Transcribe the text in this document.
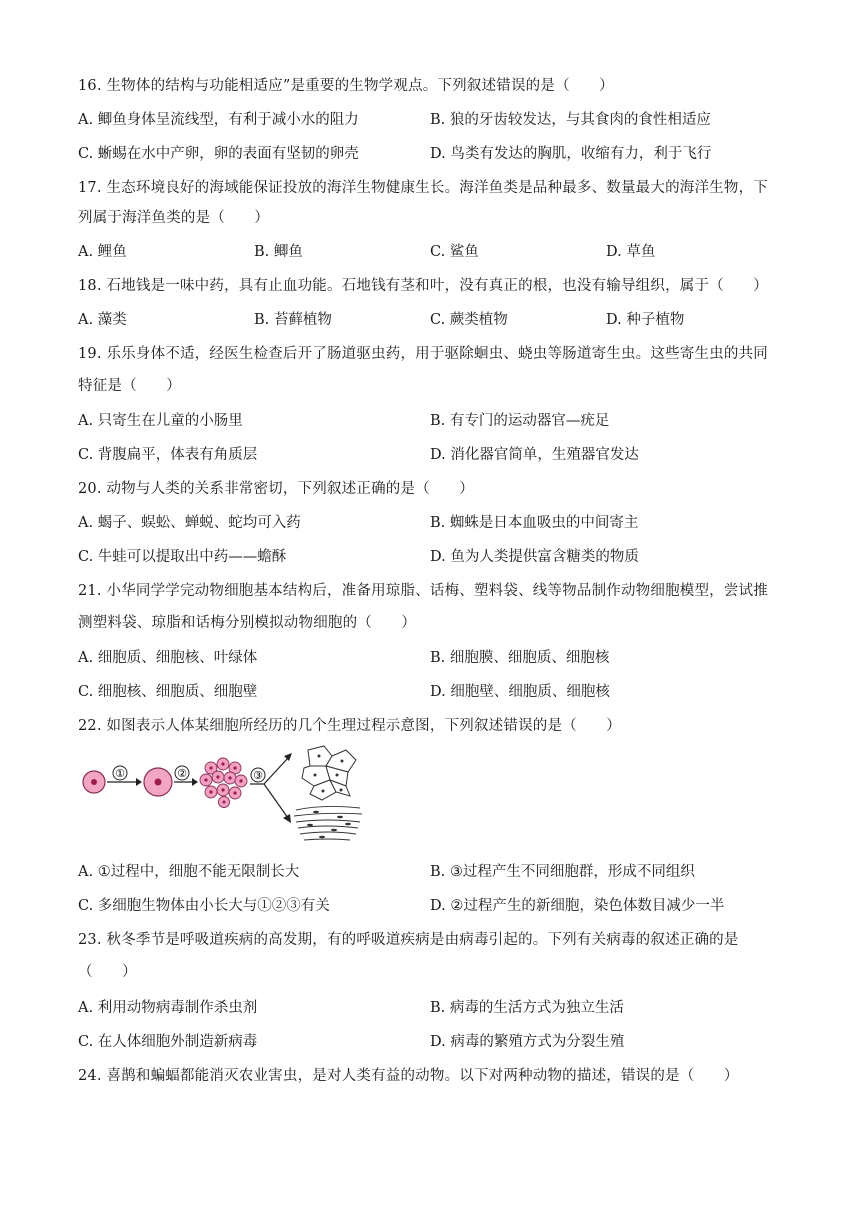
16. 生物体的结构与功能相适应”是重要的生物学观点。下列叙述错误的是（　　）
A. 鲫鱼身体呈流线型，有利于减小水的阻力	B. 狼的牙齿较发达，与其食肉的食性相适应
C. 蜥蜴在水中产卵，卵的表面有坚韧的卵壳	D. 鸟类有发达的胸肌，收缩有力，利于飞行
17. 生态环境良好的海域能保证投放的海洋生物健康生长。海洋鱼类是品种最多、数量最大的海洋生物，下
列属于海洋鱼类的是（　　）
A. 鲤鱼	B. 鲫鱼	C. 鲨鱼	D. 草鱼
18. 石地钱是一味中药，具有止血功能。石地钱有茎和叶，没有真正的根，也没有输导组织，属于（　　）
A. 藻类	B. 苔藓植物	C. 蕨类植物	D. 种子植物
19. 乐乐身体不适，经医生检查后开了肠道驱虫药，用于驱除蛔虫、蛲虫等肠道寄生虫。这些寄生虫的共同
特征是（　　）
A. 只寄生在儿童的小肠里	B. 有专门的运动器官—疣足
C. 背腹扁平，体表有角质层	D. 消化器官简单，生殖器官发达
20. 动物与人类的关系非常密切，下列叙述正确的是（　　）
A. 蝎子、蜈蚣、蝉蜕、蛇均可入药	B. 蜘蛛是日本血吸虫的中间寄主
C. 牛蛙可以提取出中药——蟾酥	D. 鱼为人类提供富含糖类的物质
21. 小华同学学完动物细胞基本结构后，准备用琼脂、话梅、塑料袋、线等物品制作动物细胞模型，尝试推
测塑料袋、琼脂和话梅分别模拟动物细胞的（　　）
A. 细胞质、细胞核、叶绿体	B. 细胞膜、细胞质、细胞核
C. 细胞核、细胞质、细胞壁	D. 细胞壁、细胞质、细胞核
22. 如图表示人体某细胞所经历的几个生理过程示意图，下列叙述错误的是（　　）
①	②	③
A. ①过程中，细胞不能无限制长大	B. ③过程产生不同细胞群，形成不同组织
C. 多细胞生物体由小长大与①②③有关	D. ②过程产生的新细胞，染色体数目减少一半
23. 秋冬季节是呼吸道疾病的高发期，有的呼吸道疾病是由病毒引起的。下列有关病毒的叙述正确的是
（　　）
A. 利用动物病毒制作杀虫剂	B. 病毒的生活方式为独立生活
C. 在人体细胞外制造新病毒	D. 病毒的繁殖方式为分裂生殖
24. 喜鹊和蝙蝠都能消灭农业害虫，是对人类有益的动物。以下对两种动物的描述，错误的是（　　）
